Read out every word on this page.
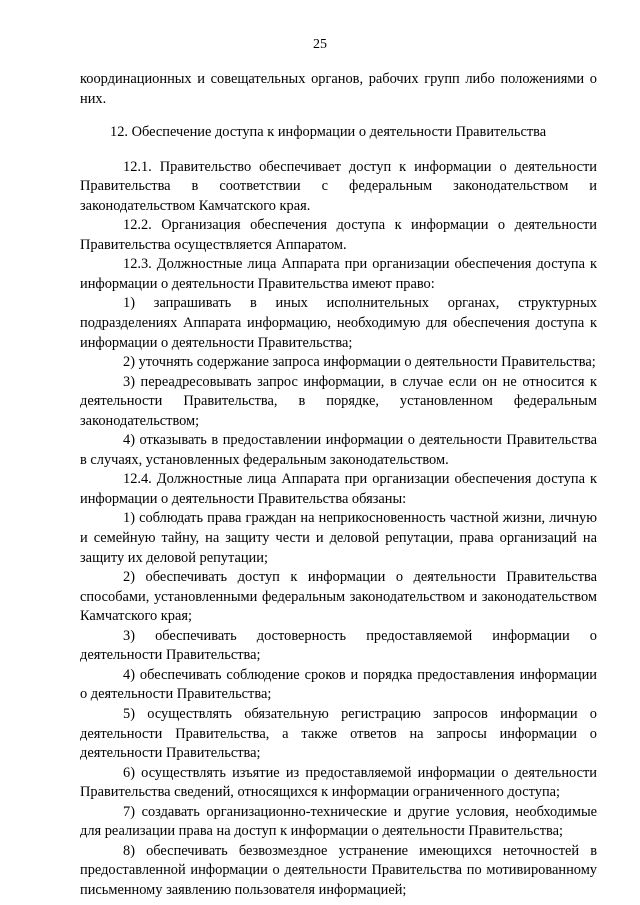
25

координационных и совещательных органов, рабочих групп либо положениями о них.

12. Обеспечение доступа к информации о деятельности Правительства

12.1. Правительство обеспечивает доступ к информации о деятельности Правительства в соответствии с федеральным законодательством и законодательством Камчатского края.

12.2. Организация обеспечения доступа к информации о деятельности Правительства осуществляется Аппаратом.

12.3. Должностные лица Аппарата при организации обеспечения доступа к информации о деятельности Правительства имеют право:

1) запрашивать в иных исполнительных органах, структурных подразделениях Аппарата информацию, необходимую для обеспечения доступа к информации о деятельности Правительства;

2) уточнять содержание запроса информации о деятельности Правительства;

3) переадресовывать запрос информации, в случае если он не относится к деятельности Правительства, в порядке, установленном федеральным законодательством;

4) отказывать в предоставлении информации о деятельности Правительства в случаях, установленных федеральным законодательством.

12.4. Должностные лица Аппарата при организации обеспечения доступа к информации о деятельности Правительства обязаны:

1) соблюдать права граждан на неприкосновенность частной жизни, личную и семейную тайну, на защиту чести и деловой репутации, права организаций на защиту их деловой репутации;

2) обеспечивать доступ к информации о деятельности Правительства способами, установленными федеральным законодательством и законодательством Камчатского края;

3) обеспечивать достоверность предоставляемой информации о деятельности Правительства;

4) обеспечивать соблюдение сроков и порядка предоставления информации о деятельности Правительства;

5) осуществлять обязательную регистрацию запросов информации о деятельности Правительства, а также ответов на запросы информации о деятельности Правительства;

6) осуществлять изъятие из предоставляемой информации о деятельности Правительства сведений, относящихся к информации ограниченного доступа;

7) создавать организационно-технические и другие условия, необходимые для реализации права на доступ к информации о деятельности Правительства;

8) обеспечивать безвозмездное устранение имеющихся неточностей в предоставленной информации о деятельности Правительства по мотивированному письменному заявлению пользователя информацией;
